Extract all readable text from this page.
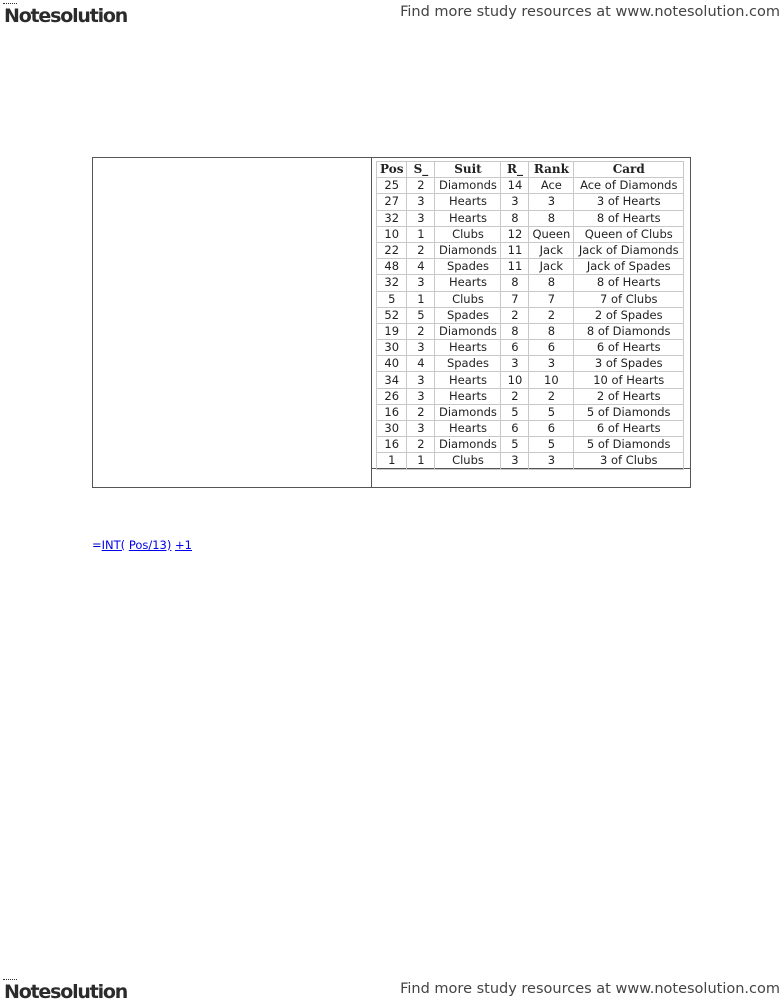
Notesolution	Find more study resources at www.notesolution.com
Pos	S_	Suit	R_	Rank	Card
25	2	Diamonds	14	Ace	Ace of Diamonds
27	3	Hearts	3	3	3 of Hearts
32	3	Hearts	8	8	8 of Hearts
10	1	Clubs	12	Queen	Queen of Clubs
22	2	Diamonds	11	Jack	Jack of Diamonds
48	4	Spades	11	Jack	Jack of Spades
32	3	Hearts	8	8	8 of Hearts
5	1	Clubs	7	7	7 of Clubs
52	5	Spades	2	2	2 of Spades
19	2	Diamonds	8	8	8 of Diamonds
30	3	Hearts	6	6	6 of Hearts
40	4	Spades	3	3	3 of Spades
34	3	Hearts	10	10	10 of Hearts
26	3	Hearts	2	2	2 of Hearts
16	2	Diamonds	5	5	5 of Diamonds
30	3	Hearts	6	6	6 of Hearts
16	2	Diamonds	5	5	5 of Diamonds
1	1	Clubs	3	3	3 of Clubs
=INT( Pos/13) +1
Notesolution	Find more study resources at www.notesolution.com
